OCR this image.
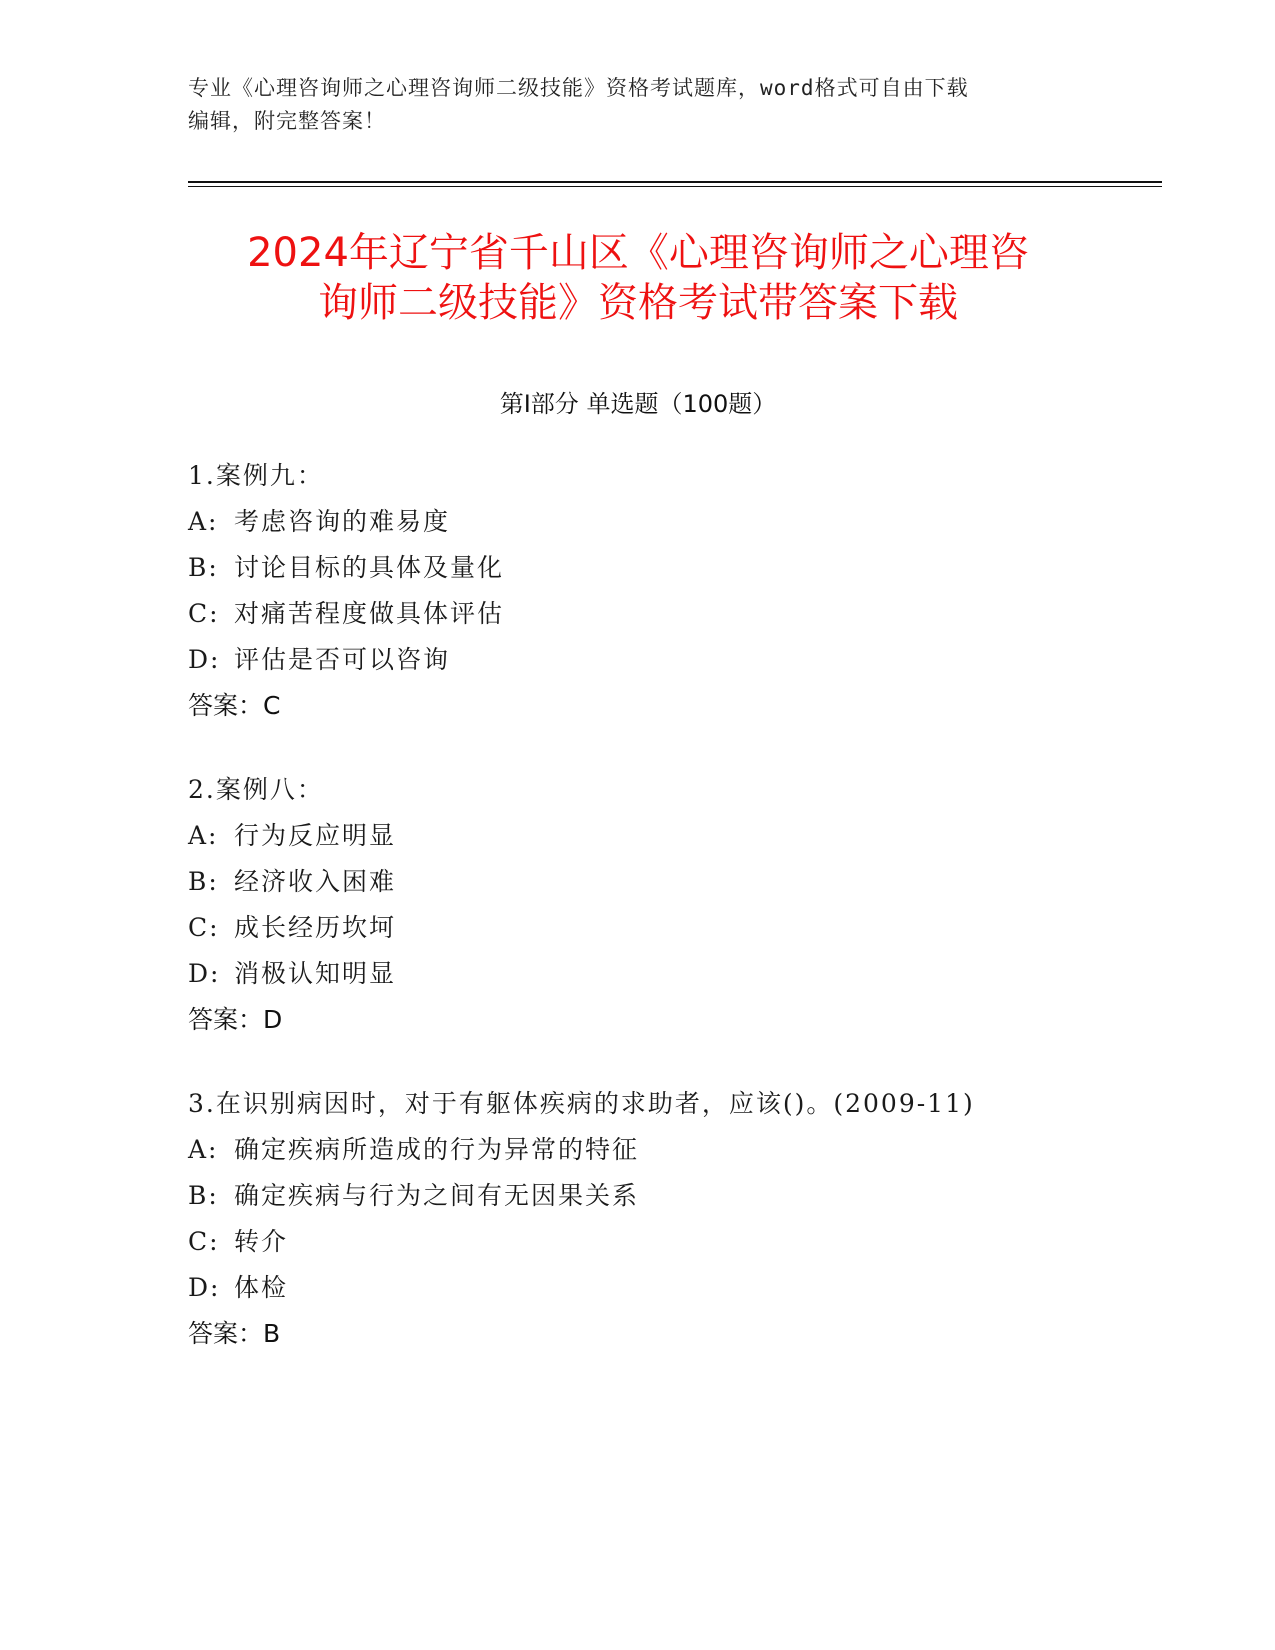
专业《心理咨询师之心理咨询师二级技能》资格考试题库，word格式可自由下载
编辑，附完整答案！
2024年辽宁省千山区《心理咨询师之心理咨
询师二级技能》资格考试带答案下载
第Ⅰ部分 单选题（100题）
1.案例九：
A: 考虑咨询的难易度
B: 讨论目标的具体及量化
C: 对痛苦程度做具体评估
D: 评估是否可以咨询
答案：C
2.案例八：
A: 行为反应明显
B: 经济收入困难
C: 成长经历坎坷
D: 消极认知明显
答案：D
3.在识别病因时，对于有躯体疾病的求助者，应该()。(2009-11)
A: 确定疾病所造成的行为异常的特征
B: 确定疾病与行为之间有无因果关系
C: 转介
D: 体检
答案：B
